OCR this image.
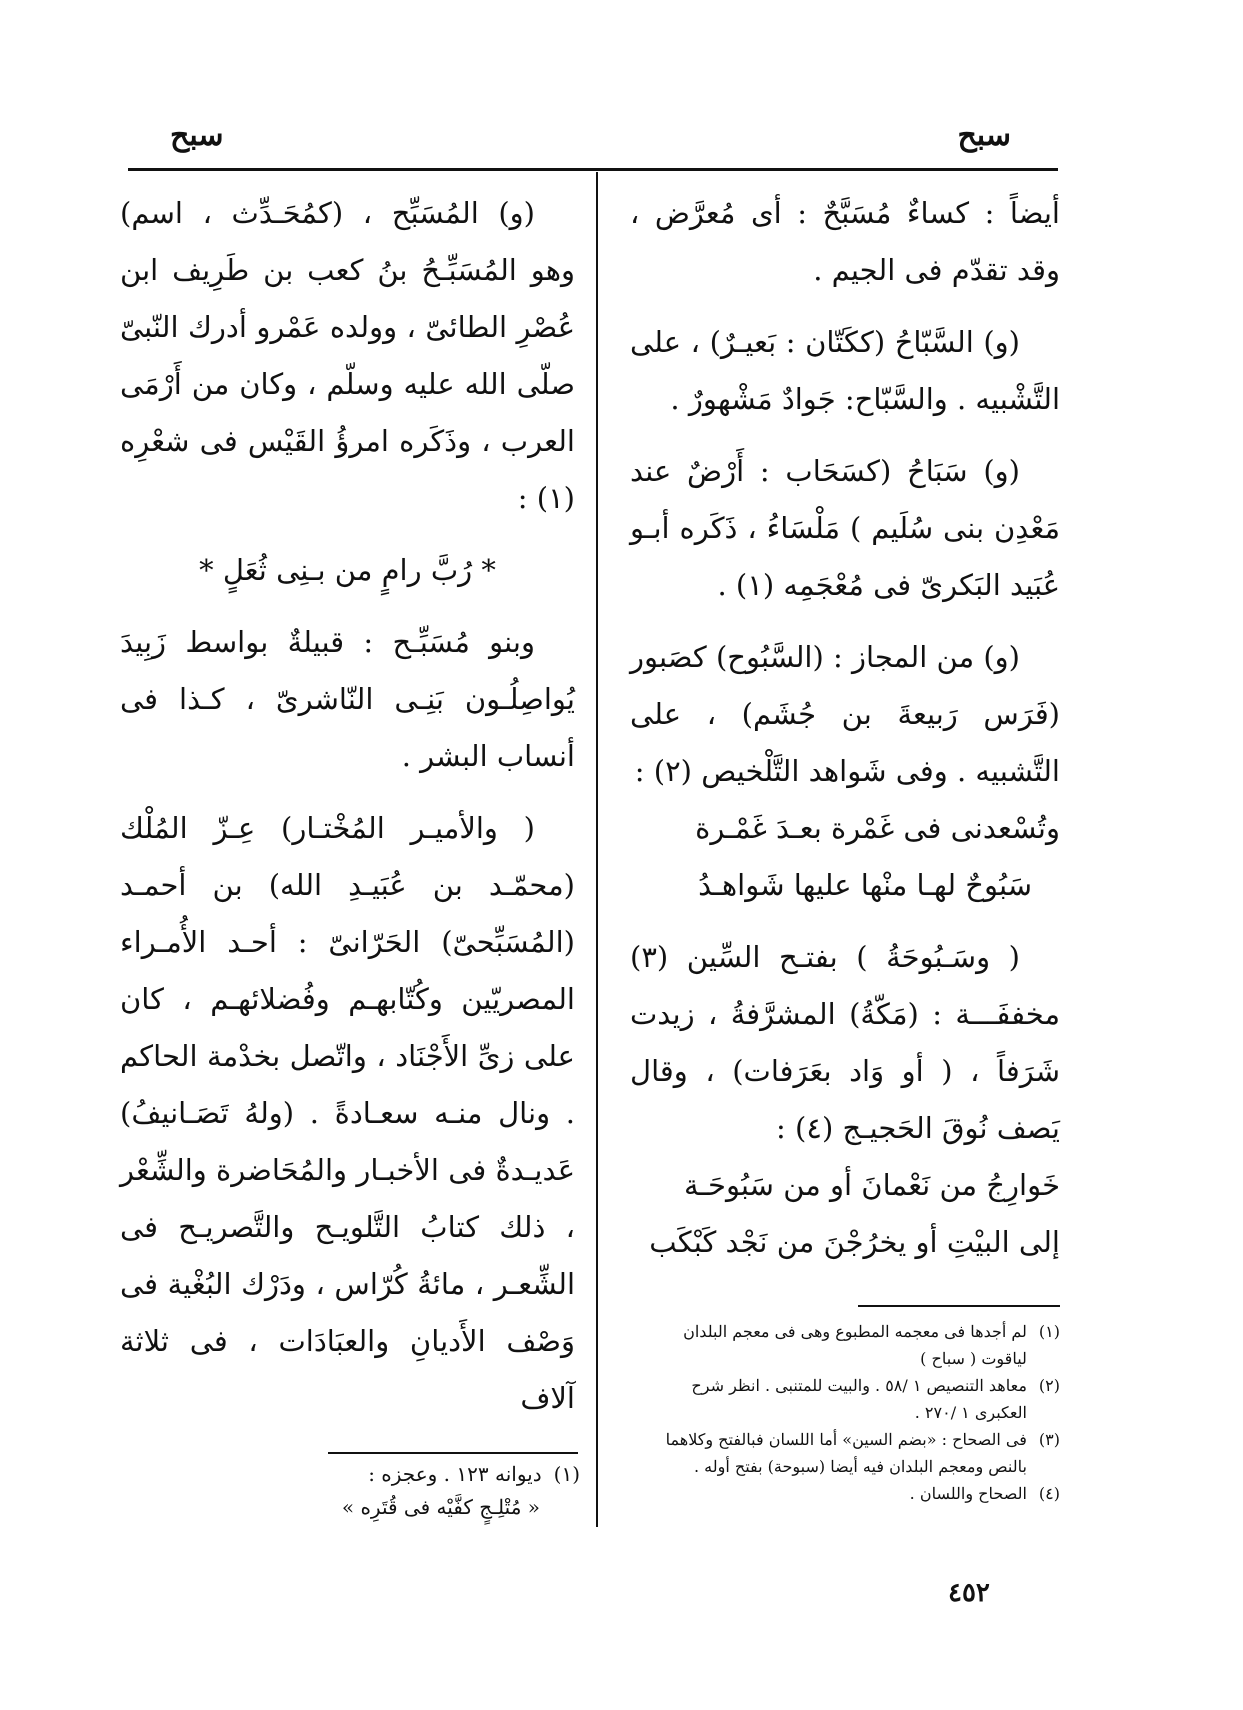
سبح
سبح

أيضاً : كساءٌ مُسَبَّحٌ : أى مُعرَّض ، وقد تقدّم فى الجيم .

(و) السَّبّاحُ (ككَتّان : بَعيـرٌ) ، على التَّشْبيه . والسَّبّاح: جَوادٌ مَشْهورٌ .

(و) سَبَاحُ (كسَحَاب : أَرْضٌ عند مَعْدِن بنى سُلَيم ) مَلْسَاءُ ، ذَكَره أبـو عُبَيد البَكرىّ فى مُعْجَمِه (١) .

(و) من المجاز : (السَّبُوح) كصَبور (فَرَس رَبيعةَ بن جُشَم) ، على التَّشبيه . وفى شَواهد التَّلْخيص (٢) :

وتُسْعدنى فى غَمْرة بعـدَ غَمْـرة
سَبُوحٌ لهـا منْها عليها شَواهـدُ

( وسَـبُوحَةُ ) بفتـح السِّين (٣) مخففَـــة : (مَكّةُ) المشرَّفةُ ، زيدت شَرَفاً ، ( أو وَاد بعَرَفات) ، وقال يَصف نُوقَ الحَجيـج (٤) :

خَوارِجُ من نَعْمانَ أو من سَبُوحَـة
إلى البيْتِ أو يخرُجْنَ من نَجْد كَبْكَب

(و) المُسَبِّح ، (كمُحَـدِّث ، اسم) وهو المُسَبِّـحُ بنُ كعب بن طَرِيف ابن عُصْرِ الطائىّ ، وولده عَمْرو أدرك النّبىّ صلّى الله عليه وسلّم ، وكان من أَرْمَى العرب ، وذَكَره امرؤُ القَيْس فى شعْرِه (١) :

* رُبَّ رامٍ من بـنِى ثُعَلٍ *

وبنو مُسَبِّـح : قبيلةٌ بواسط زَبِيدَ يُواصِلُـون بَنِـى النّاشرىّ ، كـذا فى أنساب البشر .

( والأميـر المُخْتـار) عِـزّ المُلْك (محمّـد بن عُبَيـدِ الله) بن أحمـد (المُسَبِّحىّ) الحَرّانىّ : أحـد الأُمـراء المصريّين وكُتّابهـم وفُضلائهـم ، كان على زىِّ الأَجْنَاد ، واتّصل بخدْمة الحاكم . ونال منـه سعـادةً . (ولهُ تَصَـانيفُ) عَديـدةٌ فى الأخبـار والمُحَاضرة والشِّعْر ، ذلك كتابُ التَّلويـح والتَّصريـح فى الشِّعـر ، مائةُ كُرّاس ، ودَرْك البُغْية فى وَصْف الأَديانِ والعبَادَات ، فى ثلاثة آلاف

(١)
لم أجدها فى معجمه المطبوع وهى فى معجم البلدان لياقوت ( سباح )
(٢)
معاهد التنصيص ١ /٥٨ . والبيت للمتنبى . انظر شرح العكبرى ١ /٢٧٠ .
(٣)
فى الصحاح : «بضم السين» أما اللسان فبالفتح وكلاهما بالنص ومعجم البلدان فيه أيضا (سبوحة) بفتح أوله .
(٤)
الصحاح واللسان .
(١)
ديوانه ١٢٣ . وعجزه :
« مُتْلِـجٍ كفَّيْه فى قُتَرِه »
٤٥٢
